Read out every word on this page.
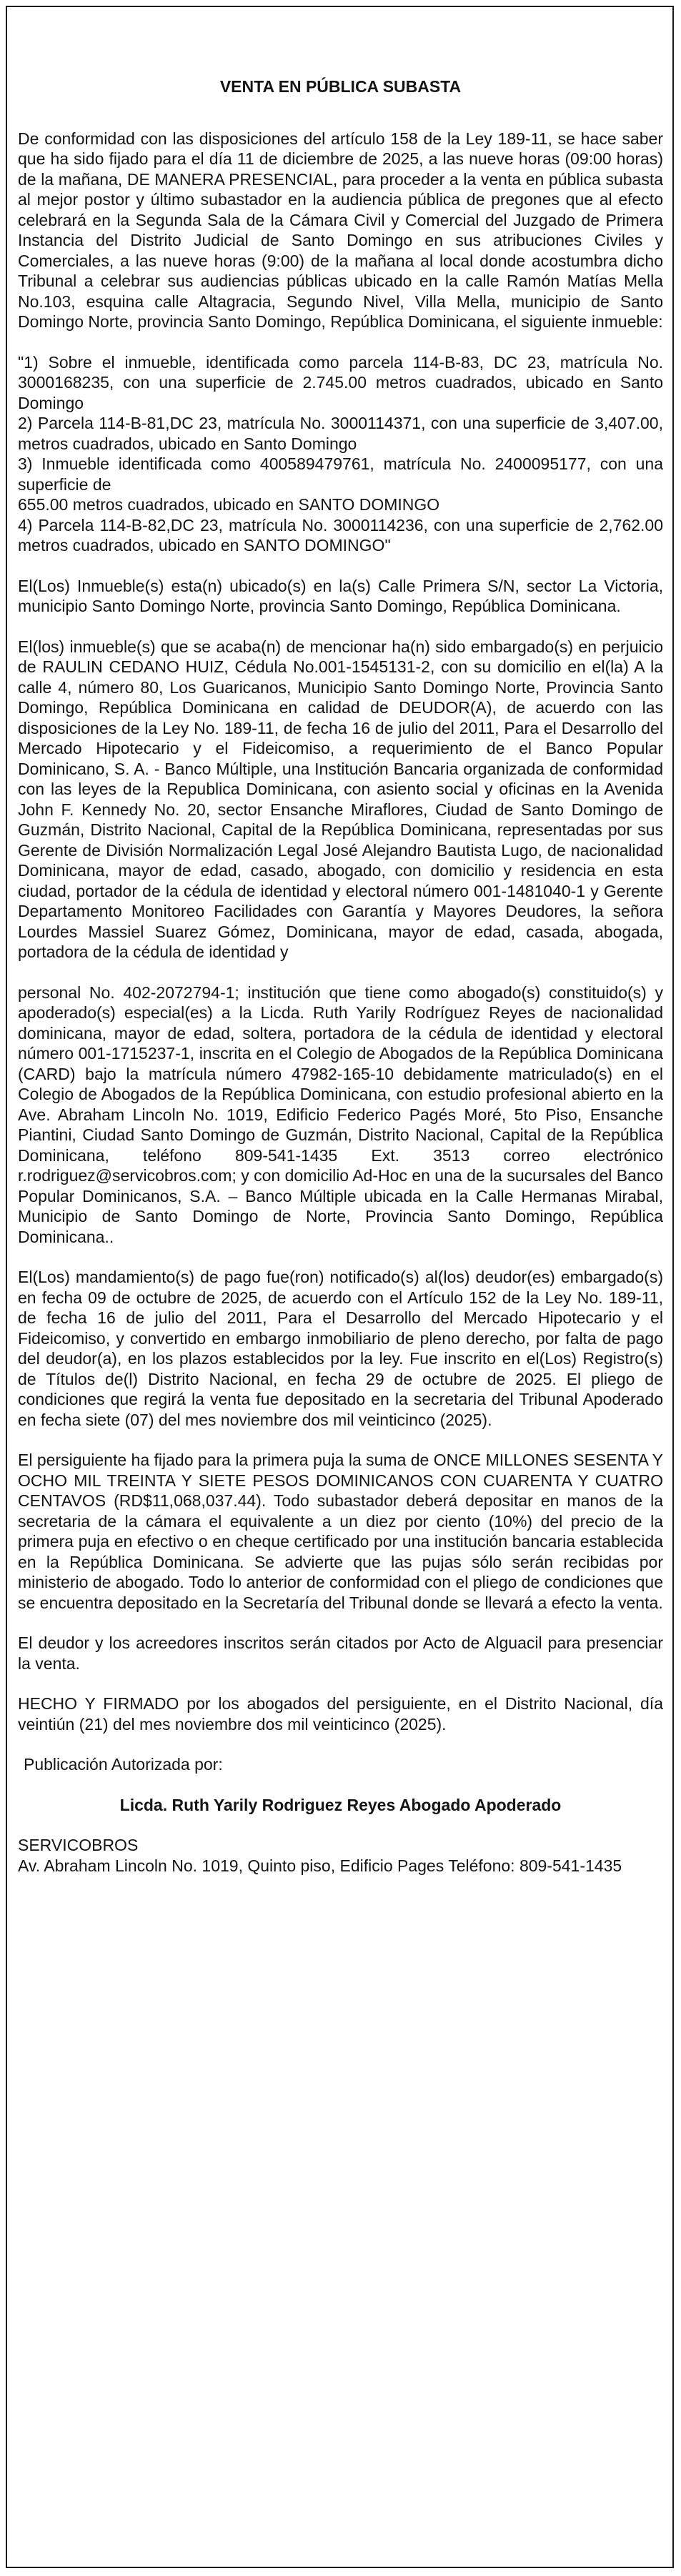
VENTA EN PÚBLICA SUBASTA
De conformidad con las disposiciones del artículo 158 de la Ley 189-11, se hace saber que ha sido fijado para el día 11 de diciembre de 2025, a las nueve horas (09:00 horas) de la mañana, DE MANERA PRESENCIAL, para proceder a la venta en pública subasta al mejor postor y último subastador en la audiencia pública de pregones que al efecto celebrará en la Segunda Sala de la Cámara Civil y Comercial del Juzgado de Primera Instancia del Distrito Judicial de Santo Domingo en sus atribuciones Civiles y Comerciales, a las nueve horas (9:00) de la mañana al local donde acostumbra dicho Tribunal a celebrar sus audiencias públicas ubicado en la calle Ramón Matías Mella No.103, esquina calle Altagracia, Segundo Nivel, Villa Mella, municipio de Santo Domingo Norte, provincia Santo Domingo, República Dominicana, el siguiente inmueble:
"1) Sobre el inmueble, identificada como parcela 114-B-83, DC 23, matrícula No. 3000168235, con una superficie de 2.745.00 metros cuadrados, ubicado en Santo Domingo
2) Parcela 114-B-81,DC 23, matrícula No. 3000114371, con una superficie de 3,407.00, metros cuadrados, ubicado en Santo Domingo
3) Inmueble identificada como 400589479761, matrícula No. 2400095177, con una superficie de
655.00 metros cuadrados, ubicado en SANTO DOMINGO
4) Parcela 114-B-82,DC 23, matrícula No. 3000114236, con una superficie de 2,762.00 metros cuadrados, ubicado en SANTO DOMINGO"
El(Los) Inmueble(s) esta(n) ubicado(s) en la(s) Calle Primera S/N, sector La Victoria, municipio Santo Domingo Norte, provincia Santo Domingo, República Dominicana.
El(los) inmueble(s) que se acaba(n) de mencionar ha(n) sido embargado(s) en perjuicio de RAULIN CEDANO HUIZ, Cédula No.001-1545131-2, con su domicilio en el(la) A la calle 4, número 80, Los Guaricanos, Municipio Santo Domingo Norte, Provincia Santo Domingo, República Dominicana en calidad de DEUDOR(A), de acuerdo con las disposiciones de la Ley No. 189-11, de fecha 16 de julio del 2011, Para el Desarrollo del Mercado Hipotecario y el Fideicomiso, a requerimiento de el Banco Popular Dominicano, S. A. - Banco Múltiple, una Institución Bancaria organizada de conformidad con las leyes de la Republica Dominicana, con asiento social y oficinas en la Avenida John F. Kennedy No. 20, sector Ensanche Miraflores, Ciudad de Santo Domingo de Guzmán, Distrito Nacional, Capital de la República Dominicana, representadas por sus Gerente de División Normalización Legal José Alejandro Bautista Lugo, de nacionalidad Dominicana, mayor de edad, casado, abogado, con domicilio y residencia en esta ciudad, portador de la cédula de identidad y electoral número 001-1481040-1 y Gerente Departamento Monitoreo Facilidades con Garantía y Mayores Deudores, la señora Lourdes Massiel Suarez Gómez, Dominicana, mayor de edad, casada, abogada, portadora de la cédula de identidad y
personal No. 402-2072794-1; institución que tiene como abogado(s) constituido(s) y apoderado(s) especial(es) a la Licda. Ruth Yarily Rodríguez Reyes de nacionalidad dominicana, mayor de edad, soltera, portadora de la cédula de identidad y electoral número 001-1715237-1, inscrita en el Colegio de Abogados de la República Dominicana (CARD) bajo la matrícula número 47982-165-10 debidamente matriculado(s) en el Colegio de Abogados de la República Dominicana, con estudio profesional abierto en la Ave. Abraham Lincoln No. 1019, Edificio Federico Pagés Moré, 5to Piso, Ensanche Piantini, Ciudad Santo Domingo de Guzmán, Distrito Nacional, Capital de la República Dominicana, teléfono 809-541-1435 Ext. 3513 correo electrónico r.rodriguez@servicobros.com; y con domicilio Ad-Hoc en una de la sucursales del Banco Popular Dominicanos, S.A. – Banco Múltiple ubicada en la Calle Hermanas Mirabal, Municipio de Santo Domingo de Norte, Provincia Santo Domingo, República Dominicana..
El(Los) mandamiento(s) de pago fue(ron) notificado(s) al(los) deudor(es) embargado(s) en fecha 09 de octubre de 2025, de acuerdo con el Artículo 152 de la Ley No. 189-11, de fecha 16 de julio del 2011, Para el Desarrollo del Mercado Hipotecario y el Fideicomiso, y convertido en embargo inmobiliario de pleno derecho, por falta de pago del deudor(a), en los plazos establecidos por la ley. Fue inscrito en el(Los) Registro(s) de Títulos de(l) Distrito Nacional, en fecha 29 de octubre de 2025. El pliego de condiciones que regirá la venta fue depositado en la secretaria del Tribunal Apoderado en fecha siete (07) del mes noviembre dos mil veinticinco (2025).
El persiguiente ha fijado para la primera puja la suma de ONCE MILLONES SESENTA Y OCHO MIL TREINTA Y SIETE PESOS DOMINICANOS CON CUARENTA Y CUATRO CENTAVOS (RD$11,068,037.44). Todo subastador deberá depositar en manos de la secretaria de la cámara el equivalente a un diez por ciento (10%) del precio de la primera puja en efectivo o en cheque certificado por una institución bancaria establecida en la República Dominicana. Se advierte que las pujas sólo serán recibidas por ministerio de abogado. Todo lo anterior de conformidad con el pliego de condiciones que se encuentra depositado en la Secretaría del Tribunal donde se llevará a efecto la venta.
El deudor y los acreedores inscritos serán citados por Acto de Alguacil para presenciar la venta.
HECHO Y FIRMADO por los abogados del persiguiente, en el Distrito Nacional, día veintiún (21) del mes noviembre dos mil veinticinco (2025).
Publicación Autorizada por:
Licda. Ruth Yarily Rodriguez Reyes Abogado Apoderado
SERVICOBROS
Av. Abraham Lincoln No. 1019, Quinto piso, Edificio Pages Teléfono: 809-541-1435
